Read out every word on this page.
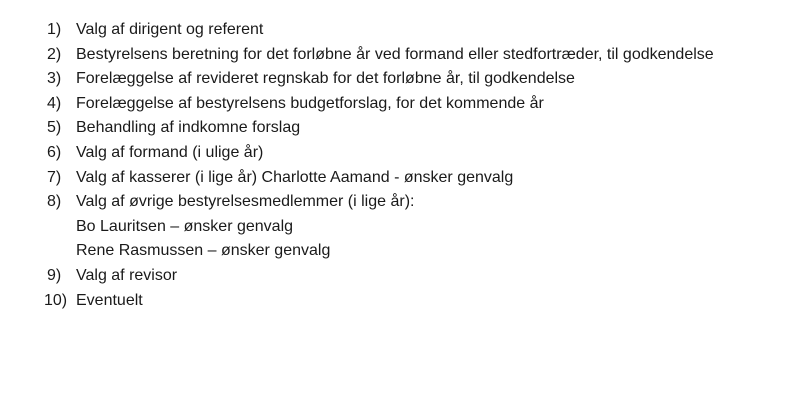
1) Valg af dirigent og referent
2) Bestyrelsens beretning for det forløbne år ved formand eller stedfortræder, til godkendelse
3) Forelæggelse af revideret regnskab for det forløbne år, til godkendelse
4) Forelæggelse af bestyrelsens budgetforslag, for det kommende år
5) Behandling af indkomne forslag
6) Valg af formand (i ulige år)
7) Valg af kasserer (i lige år) Charlotte Aamand - ønsker genvalg
8) Valg af øvrige bestyrelsesmedlemmer (i lige år):
Bo Lauritsen – ønsker genvalg
Rene Rasmussen – ønsker genvalg
9) Valg af revisor
10) Eventuelt
